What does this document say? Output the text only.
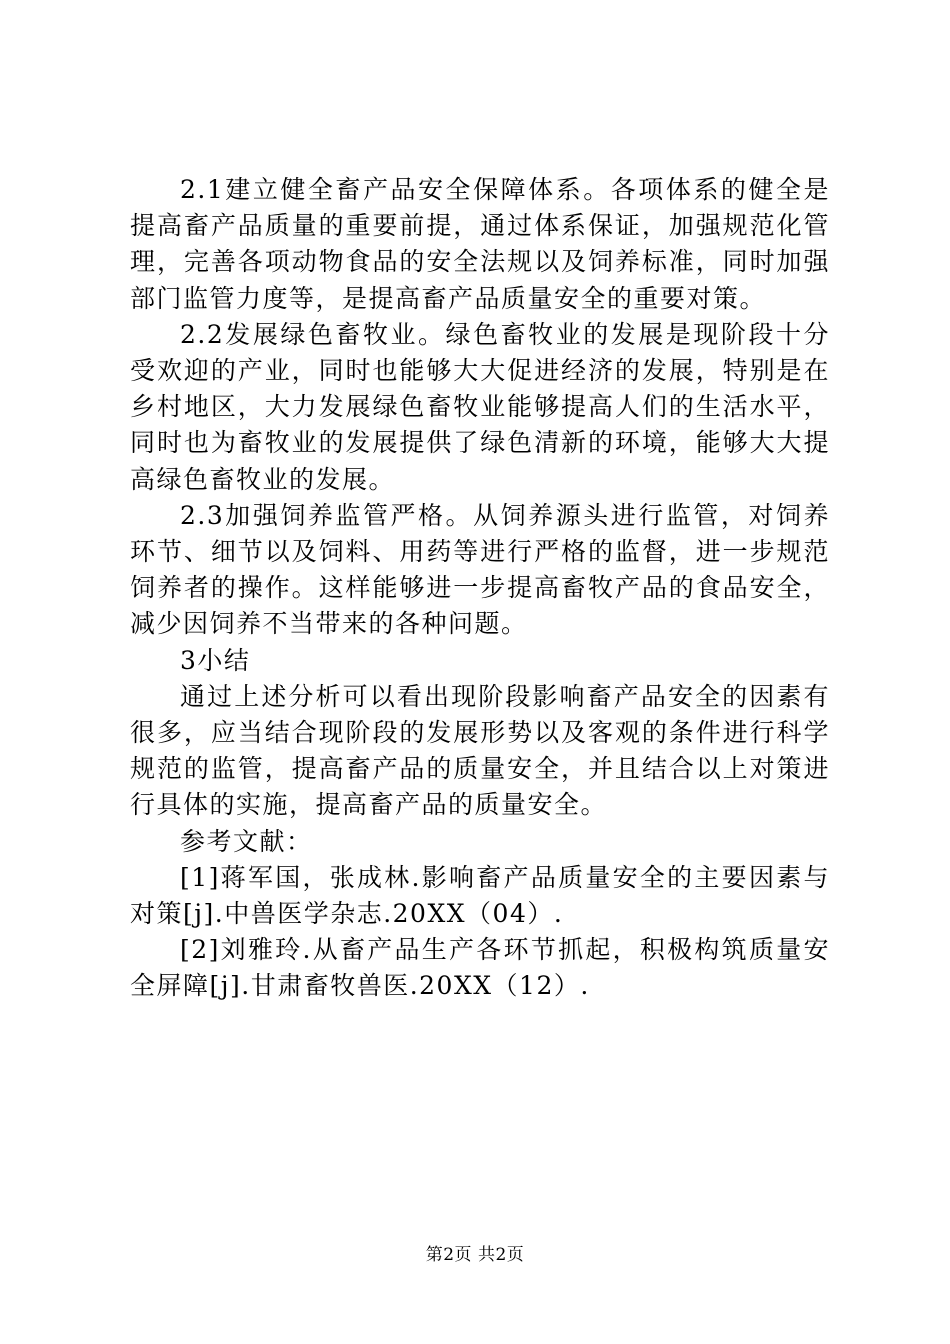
2.1建立健全畜产品安全保障体系。各项体系的健全是提高畜产品质量的重要前提，通过体系保证，加强规范化管理，完善各项动物食品的安全法规以及饲养标准，同时加强部门监管力度等，是提高畜产品质量安全的重要对策。

2.2发展绿色畜牧业。绿色畜牧业的发展是现阶段十分受欢迎的产业，同时也能够大大促进经济的发展，特别是在乡村地区，大力发展绿色畜牧业能够提高人们的生活水平，同时也为畜牧业的发展提供了绿色清新的环境，能够大大提高绿色畜牧业的发展。

2.3加强饲养监管严格。从饲养源头进行监管，对饲养环节、细节以及饲料、用药等进行严格的监督，进一步规范饲养者的操作。这样能够进一步提高畜牧产品的食品安全，减少因饲养不当带来的各种问题。

3小结

通过上述分析可以看出现阶段影响畜产品安全的因素有很多，应当结合现阶段的发展形势以及客观的条件进行科学规范的监管，提高畜产品的质量安全，并且结合以上对策进行具体的实施，提高畜产品的质量安全。

参考文献：

[1]蒋军国，张成林.影响畜产品质量安全的主要因素与对策[j].中兽医学杂志.20XX（04）.

[2]刘雅玲.从畜产品生产各环节抓起，积极构筑质量安全屏障[j].甘肃畜牧兽医.20XX（12）.

第2页 共2页
